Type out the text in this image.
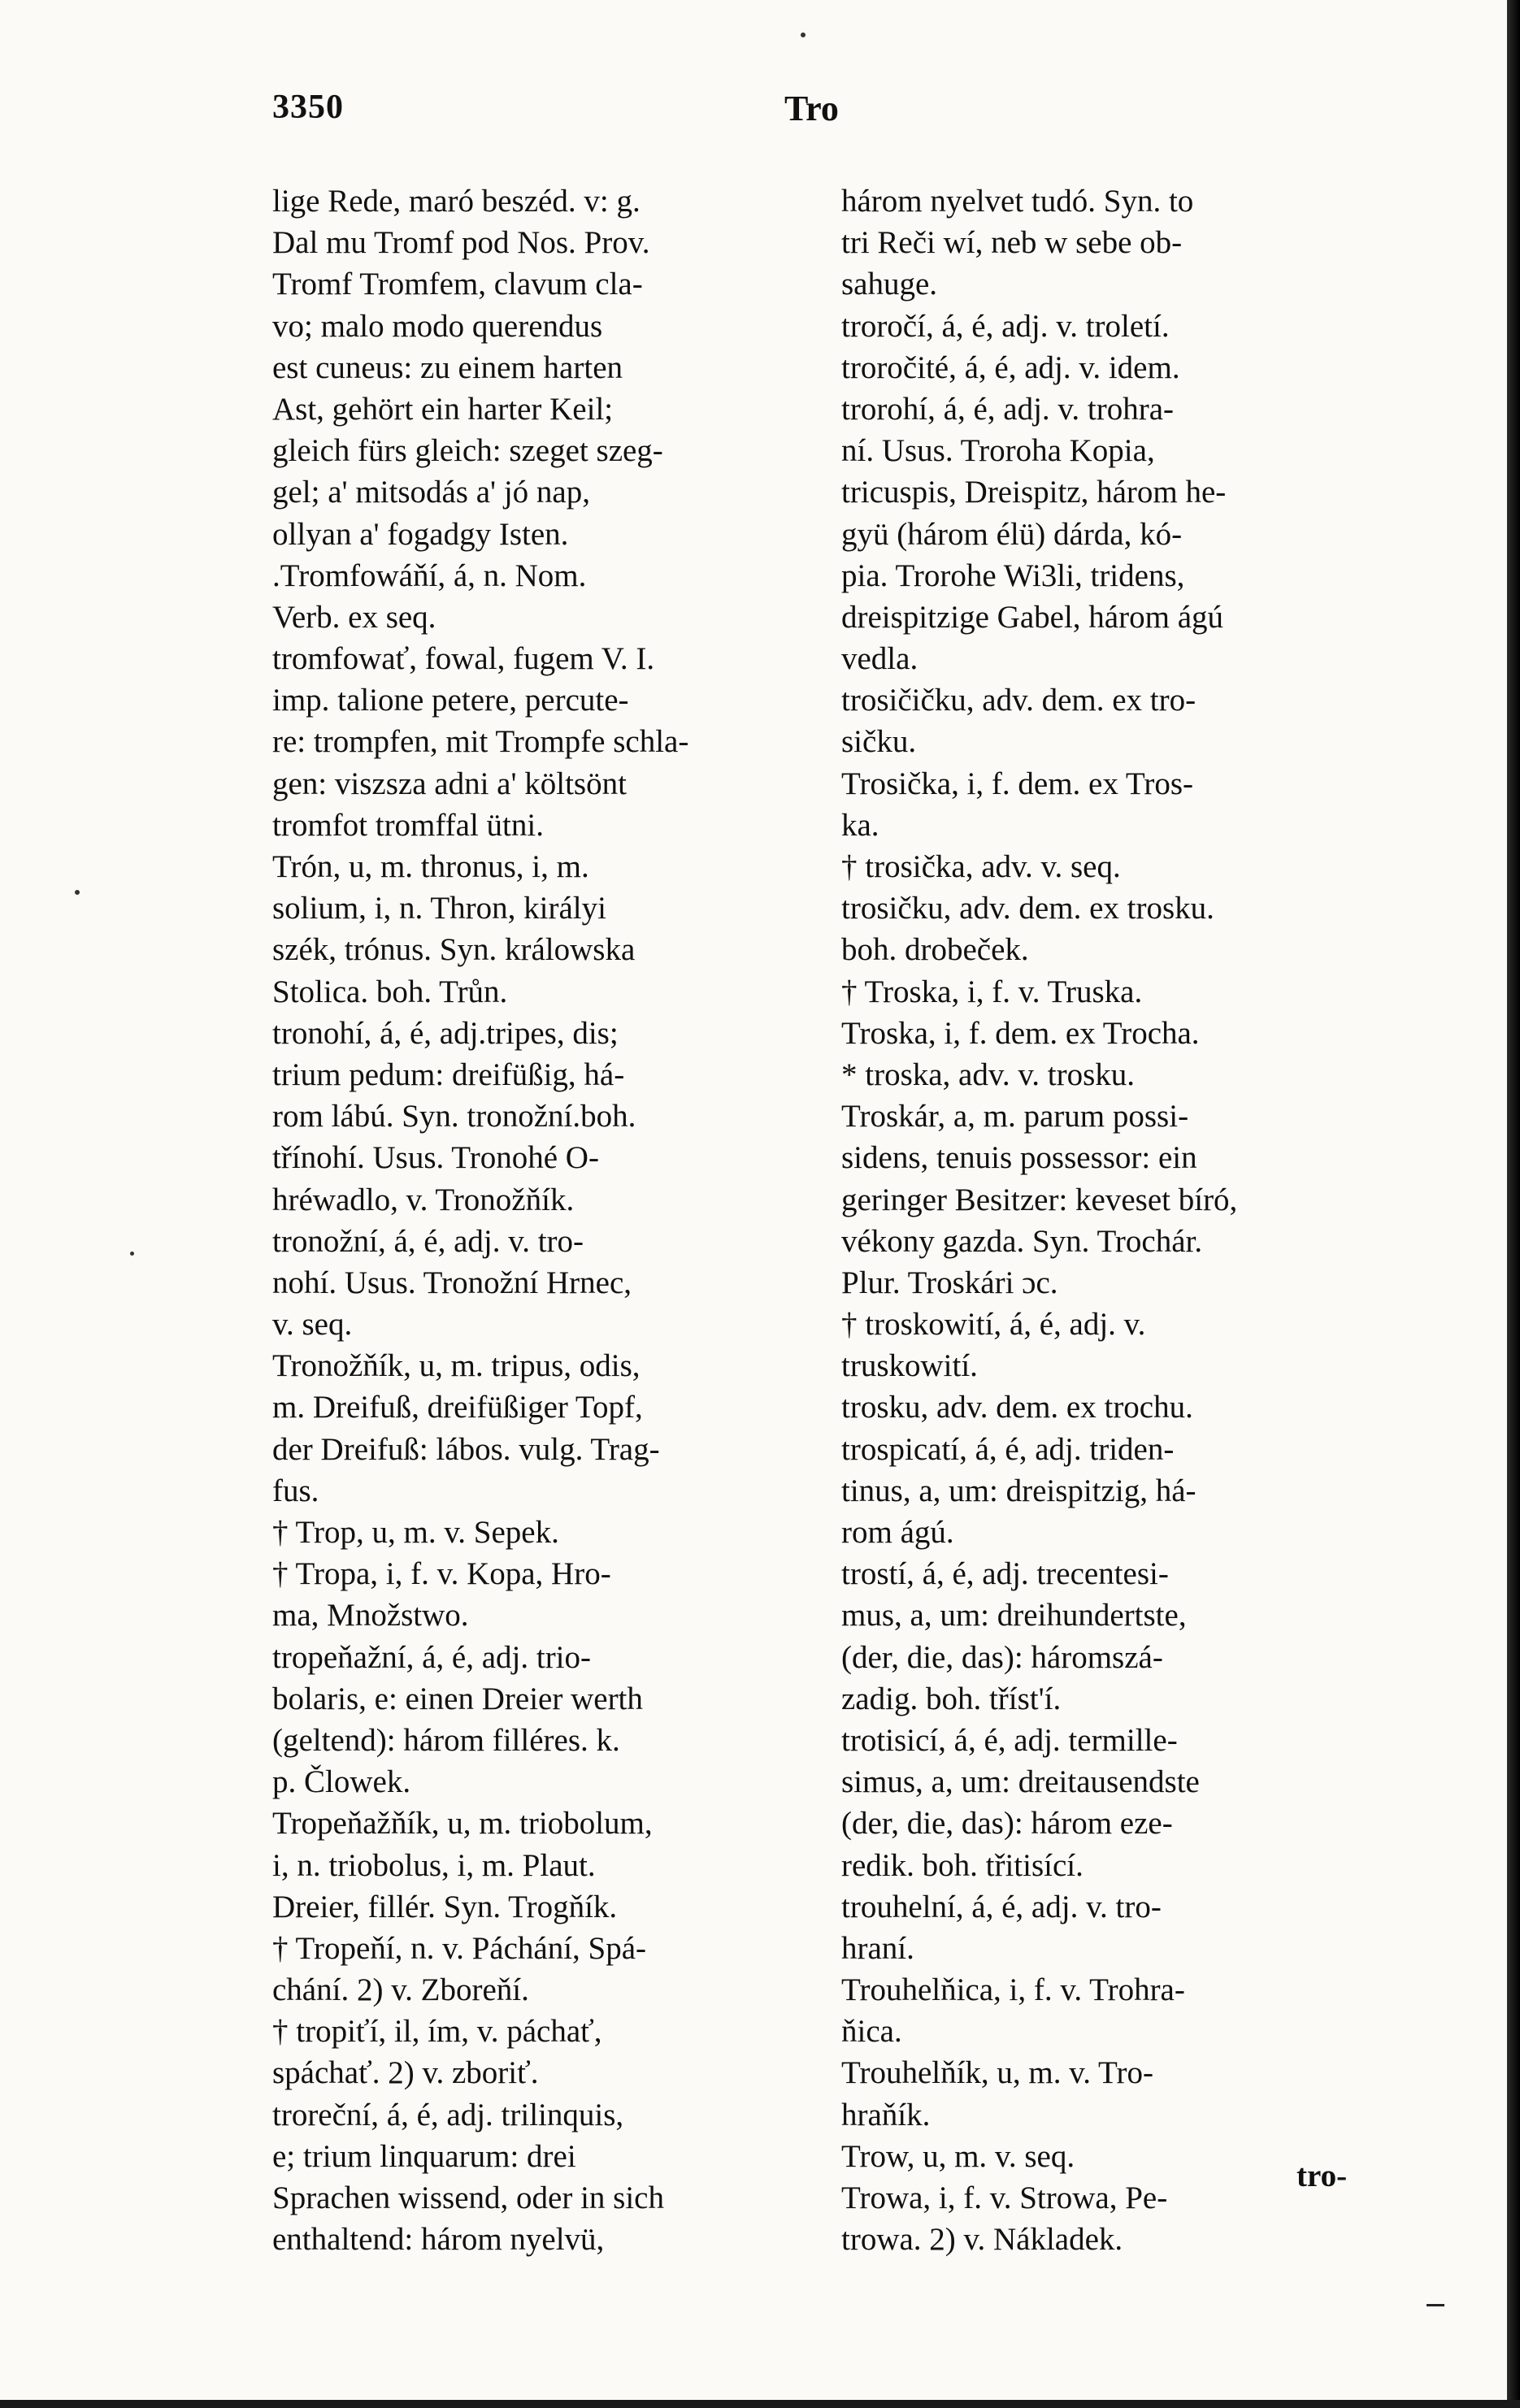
3350	Tro
lige Rede, maró beszéd. v: g.
Dal mu Tromf pod Nos. Prov.
Tromf Tromfem, clavum cla-
vo; malo modo querendus
est cuneus: zu einem harten
Ast, gehört ein harter Keil;
gleich fürs gleich: szeget szeg-
gel; a' mitsodás a' jó nap,
ollyan a' fogadgy Isten.
.Tromfowáňí, á, n. Nom.
Verb. ex seq.
tromfowať, fowal, fugem V. I.
imp. talione petere, percute-
re: trompfen, mit Trompfe schla-
gen: viszsza adni a' költsönt
tromfot tromffal ütni.
Trón, u, m. thronus, i, m.
solium, i, n. Thron, királyi
szék, trónus. Syn. králowska
Stolica. boh. Trůn.
tronohí, á, é, adj.tripes, dis;
trium pedum: dreifüßig, há-
rom lábú. Syn. tronožní.boh.
třínohí. Usus. Tronohé O-
hréwadlo, v. Tronožňík.
tronožní, á, é, adj. v. tro-
nohí. Usus. Tronožní Hrnec,
v. seq.
Tronožňík, u, m. tripus, odis,
m. Dreifuß, dreifüßiger Topf,
der Dreifuß: lábos. vulg. Trag-
fus.
† Trop, u, m. v. Sepek.
† Tropa, i, f. v. Kopa, Hro-
ma, Množstwo.
tropeňažní, á, é, adj. trio-
bolaris, e: einen Dreier werth
(geltend): három filléres. k.
p. Člowek.
Tropeňažňík, u, m. triobolum,
i, n. triobolus, i, m. Plaut.
Dreier, fillér. Syn. Trogňík.
† Tropeňí, n. v. Páchání, Spá-
chání. 2) v. Zboreňí.
† tropiťí, il, ím, v. páchať,
spáchať. 2) v. zboriť.
troreční, á, é, adj. trilinquis,
e; trium linquarum: drei
Sprachen wissend, oder in sich
enthaltend: három nyelvü,
három nyelvet tudó. Syn. to
tri Reči wí, neb w sebe ob-
sahuge.
troročí, á, é, adj. v. troletí.
troročité, á, é, adj. v. idem.
trorohí, á, é, adj. v. trohra-
ní. Usus. Troroha Kopia,
tricuspis, Dreispitz, három he-
gyü (három élü) dárda, kó-
pia. Trorohe Wi3li, tridens,
dreispitzige Gabel, három ágú
vedla.
trosičičku, adv. dem. ex tro-
sičku.
Trosička, i, f. dem. ex Tros-
ka.
† trosička, adv. v. seq.
trosičku, adv. dem. ex trosku.
boh. drobeček.
† Troska, i, f. v. Truska.
Troska, i, f. dem. ex Trocha.
* troska, adv. v. trosku.
Troskár, a, m. parum possi-
sidens, tenuis possessor: ein
geringer Besitzer: keveset bíró,
vékony gazda. Syn. Trochár.
Plur. Troskári ɔc.
† troskowití, á, é, adj. v.
truskowití.
trosku, adv. dem. ex trochu.
trospicatí, á, é, adj. triden-
tinus, a, um: dreispitzig, há-
rom ágú.
trostí, á, é, adj. trecentesi-
mus, a, um: dreihundertste,
(der, die, das): háromszá-
zadig. boh. tříst'í.
trotisicí, á, é, adj. termille-
simus, a, um: dreitausendste
(der, die, das): három eze-
redik. boh. třitisící.
trouhelní, á, é, adj. v. tro-
hraní.
Trouhelňica, i, f. v. Trohra-
ňica.
Trouhelňík, u, m. v. Tro-
hraňík.
Trow, u, m. v. seq.
Trowa, i, f. v. Strowa, Pe-
trowa. 2) v. Nákladek.
tro-
